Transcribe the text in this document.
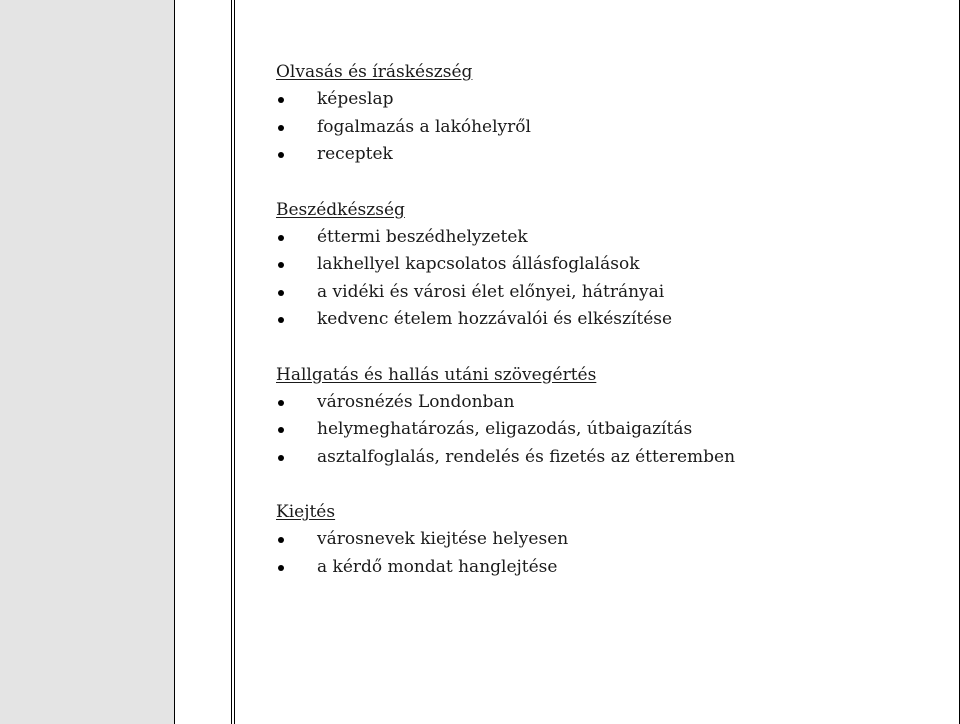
Olvasás és íráskészség
képeslap
fogalmazás a lakóhelyről
receptek
Beszédkészség
éttermi beszédhelyzetek
lakhellyel kapcsolatos állásfoglalások
a vidéki és városi élet előnyei, hátrányai
kedvenc ételem hozzávalói és elkészítése
Hallgatás és hallás utáni szövegértés
városnézés Londonban
helymeghatározás, eligazodás, útbaigazítás
asztalfoglalás, rendelés és fizetés az étteremben
Kiejtés
városnevek kiejtése helyesen
a kérdő mondat hanglejtése
